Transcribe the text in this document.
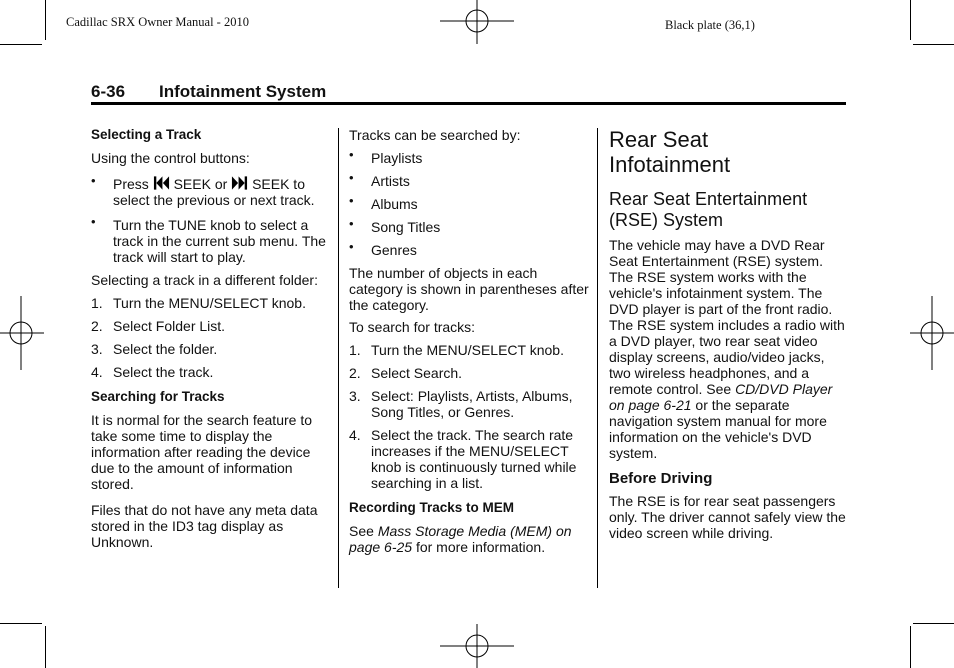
Cadillac SRX Owner Manual - 2010	Black plate (36,1)
6-36 Infotainment System

Selecting a Track

Using the control buttons:

• Press SEEK or SEEK to select the previous or next track.
• Turn the TUNE knob to select a track in the current sub menu. The track will start to play.

Selecting a track in a different folder:

1. Turn the MENU/SELECT knob.
2. Select Folder List.
3. Select the folder.
4. Select the track.

Searching for Tracks

It is normal for the search feature to take some time to display the information after reading the device due to the amount of information stored.

Files that do not have any meta data stored in the ID3 tag display as Unknown.

Tracks can be searched by:

• Playlists
• Artists
• Albums
• Song Titles
• Genres

The number of objects in each category is shown in parentheses after the category.

To search for tracks:

1. Turn the MENU/SELECT knob.
2. Select Search.
3. Select: Playlists, Artists, Albums, Song Titles, or Genres.
4. Select the track. The search rate increases if the MENU/SELECT knob is continuously turned while searching in a list.

Recording Tracks to MEM

See Mass Storage Media (MEM) on page 6-25 for more information.

Rear Seat Infotainment
Rear Seat Entertainment (RSE) System

The vehicle may have a DVD Rear Seat Entertainment (RSE) system. The RSE system works with the vehicle's infotainment system. The DVD player is part of the front radio. The RSE system includes a radio with a DVD player, two rear seat video display screens, audio/video jacks, two wireless headphones, and a remote control. See CD/DVD Player on page 6-21 or the separate navigation system manual for more information on the vehicle's DVD system.

Before Driving

The RSE is for rear seat passengers only. The driver cannot safely view the video screen while driving.
